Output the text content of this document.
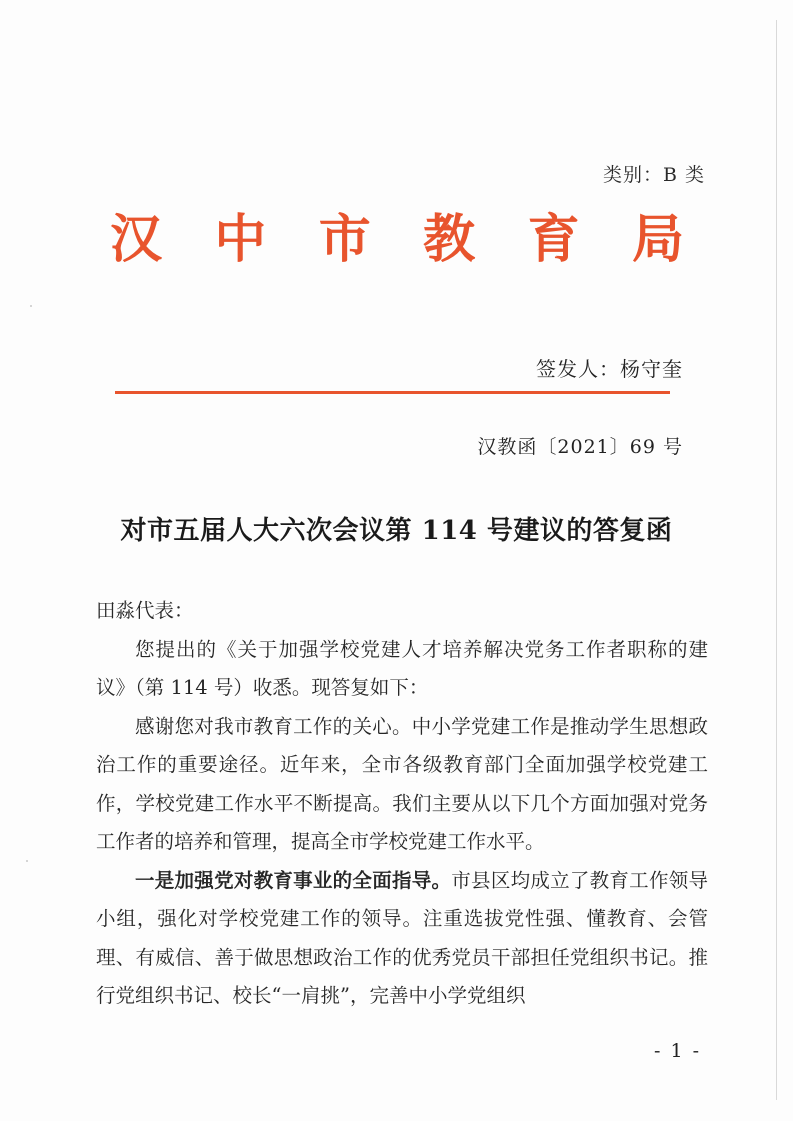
类别：B 类
汉 中 市 教 育 局
签发人：杨守奎
汉教函〔2021〕69 号
对市五届人大六次会议第 114 号建议的答复函

田淼代表：

您提出的《关于加强学校党建人才培养解决党务工作者职称的建议》（第 114 号）收悉。现答复如下：

感谢您对我市教育工作的关心。中小学党建工作是推动学生思想政治工作的重要途径。近年来，全市各级教育部门全面加强学校党建工作，学校党建工作水平不断提高。我们主要从以下几个方面加强对党务工作者的培养和管理，提高全市学校党建工作水平。

一是加强党对教育事业的全面指导。市县区均成立了教育工作领导小组，强化对学校党建工作的领导。注重选拔党性强、懂教育、会管理、有威信、善于做思想政治工作的优秀党员干部担任党组织书记。推行党组织书记、校长“一肩挑”，完善中小学党组织

- 1 -
